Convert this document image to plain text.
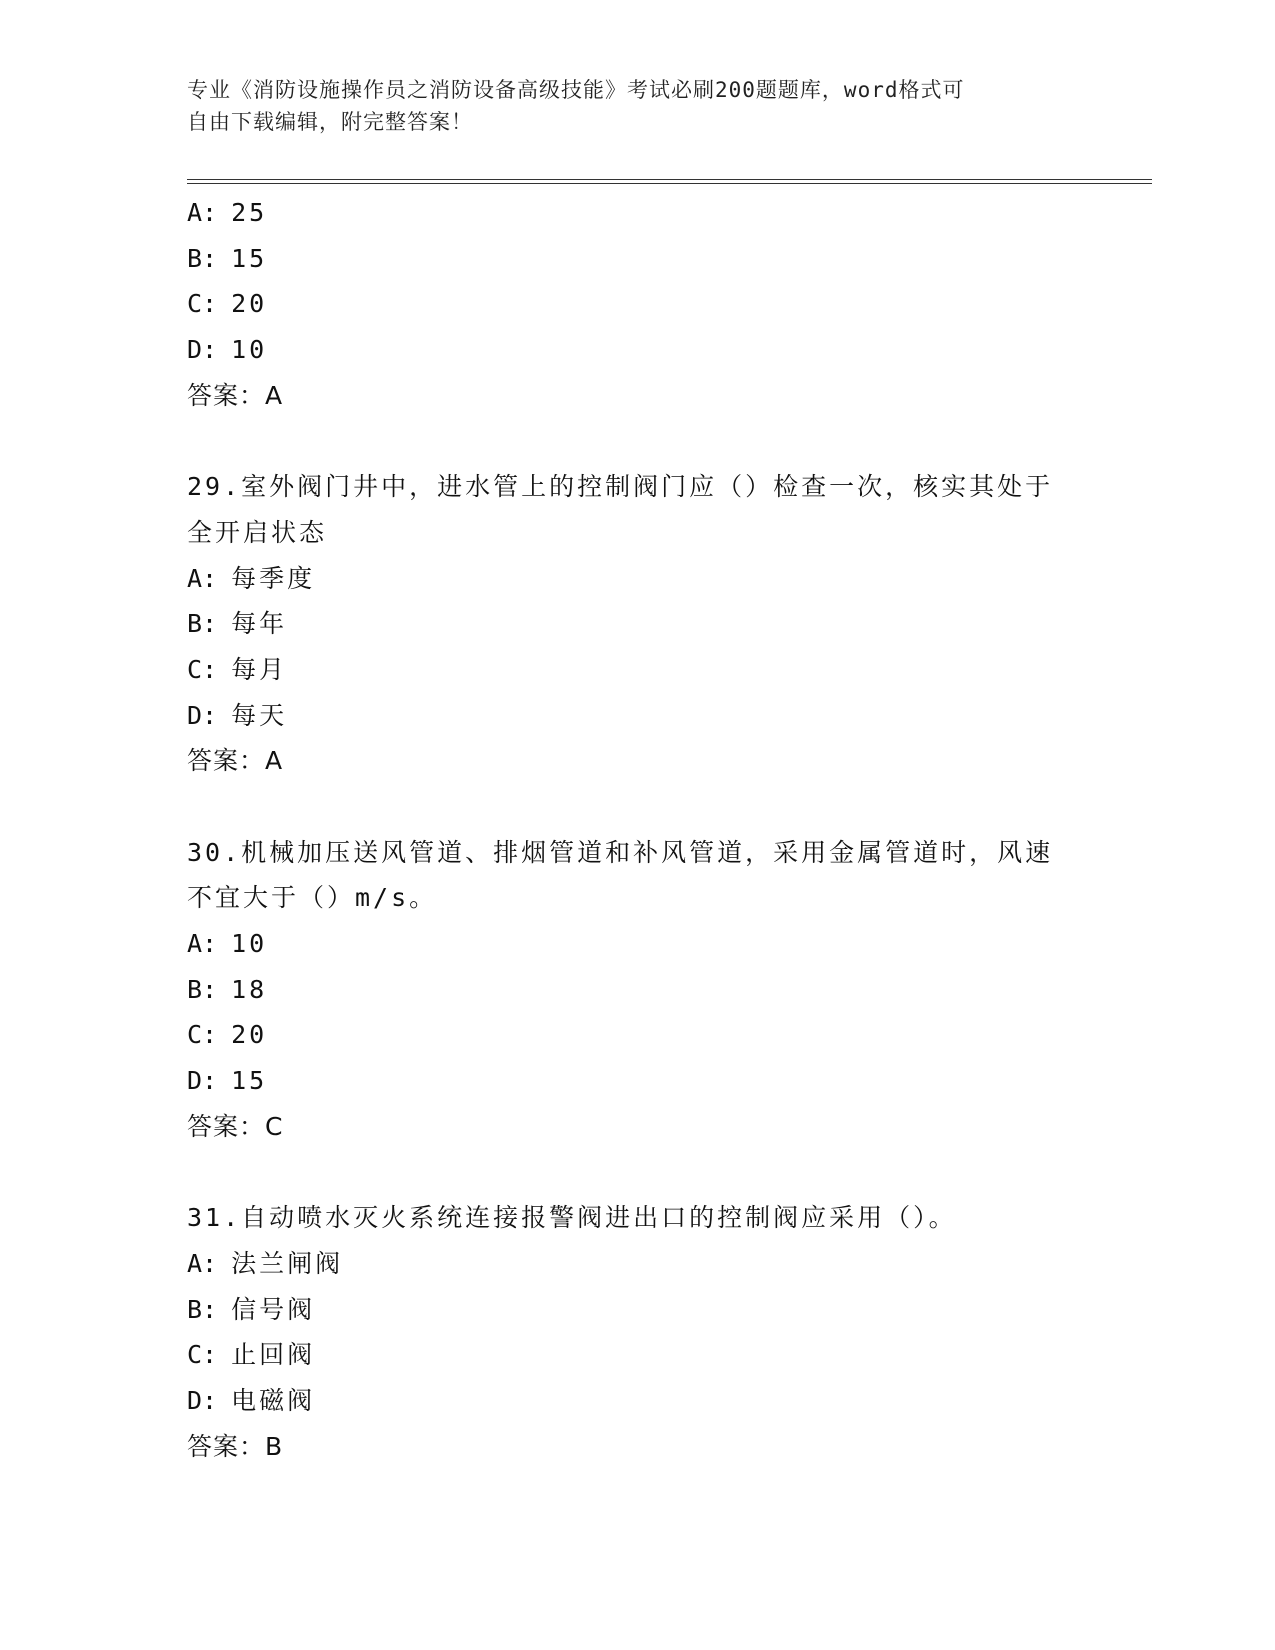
专业《消防设施操作员之消防设备高级技能》考试必刷200题题库，word格式可
自由下载编辑，附完整答案！
A: 25
B: 15
C: 20
D: 10
答案：A
29.室外阀门井中，进水管上的控制阀门应（）检查一次，核实其处于
全开启状态
A: 每季度
B: 每年
C: 每月
D: 每天
答案：A
30.机械加压送风管道、排烟管道和补风管道，采用金属管道时，风速
不宜大于（）m/s。
A: 10
B: 18
C: 20
D: 15
答案：C
31.自动喷水灭火系统连接报警阀进出口的控制阀应采用（）。
A: 法兰闸阀
B: 信号阀
C: 止回阀
D: 电磁阀
答案：B
